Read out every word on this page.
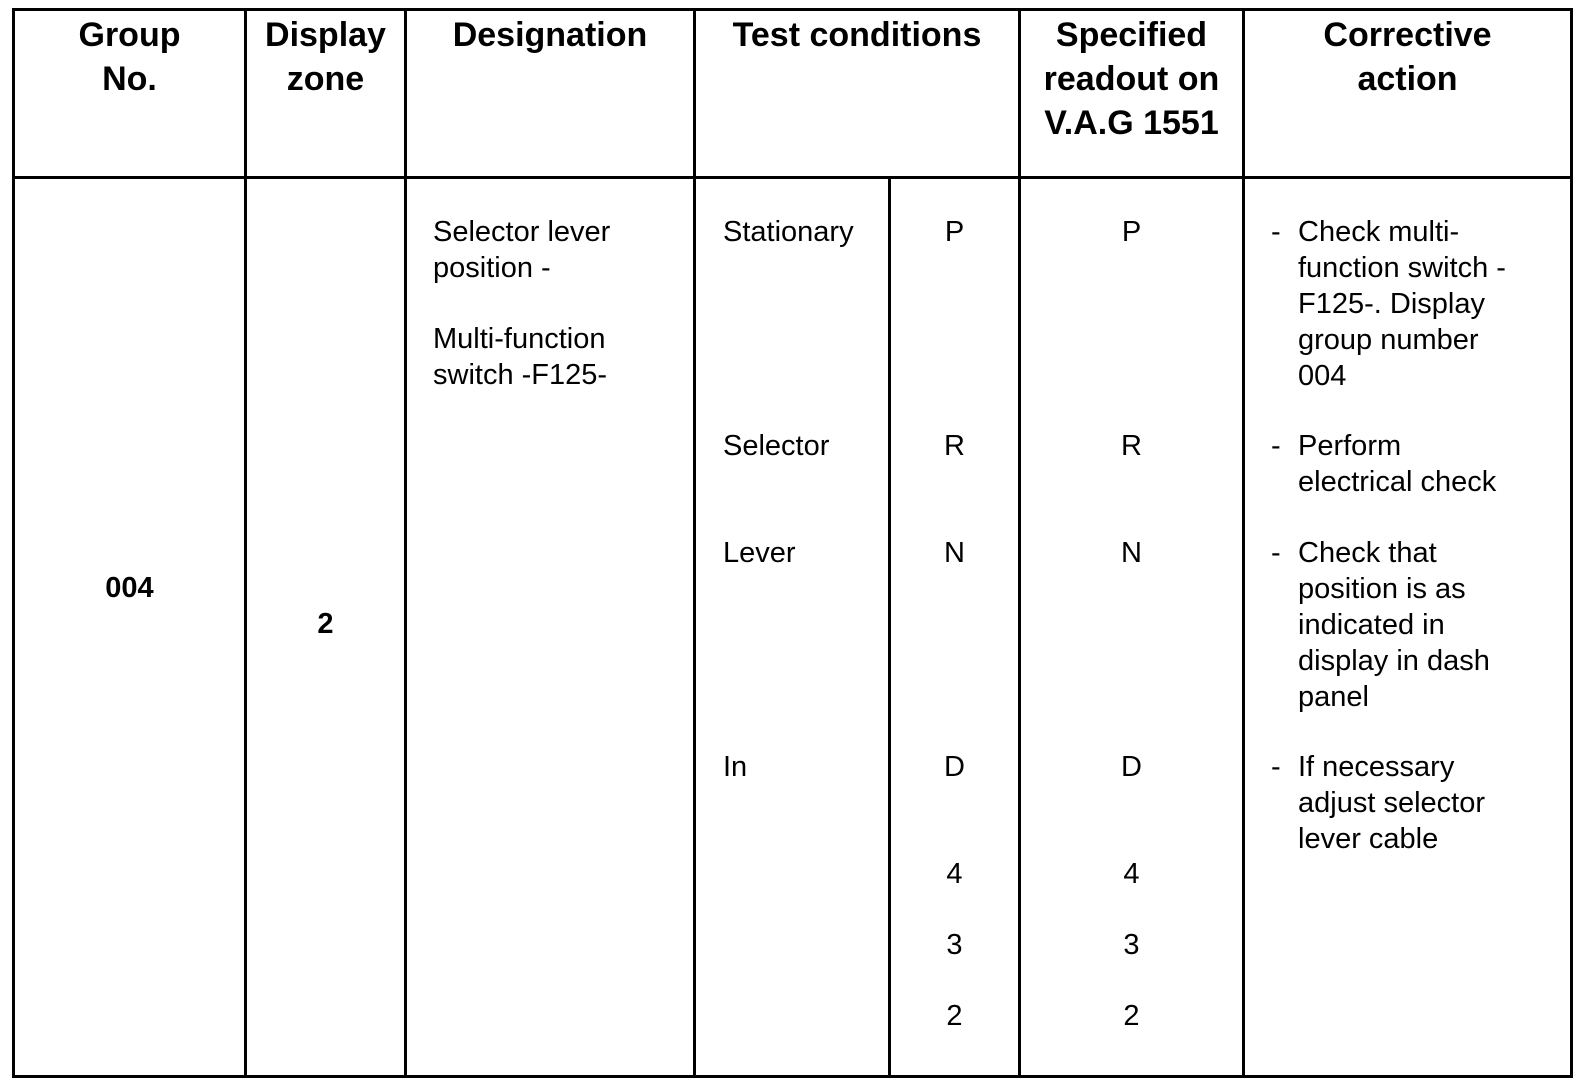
Group
No.
Display
zone
Designation	Test conditions	Specified
readout on
V.A.G 1551
Corrective
action
004
2
Selector lever
position -
Multi-function
switch -F125-
Stationary
Selector
Lever
In
P
R
N
D
4
3
2
P
R
N
D
4
3
2
- Check multi-
function switch -
F125-. Display
group number
004
- Perform
electrical check
- Check that
position is as
indicated in
display in dash
panel
- If necessary
adjust selector
lever cable
